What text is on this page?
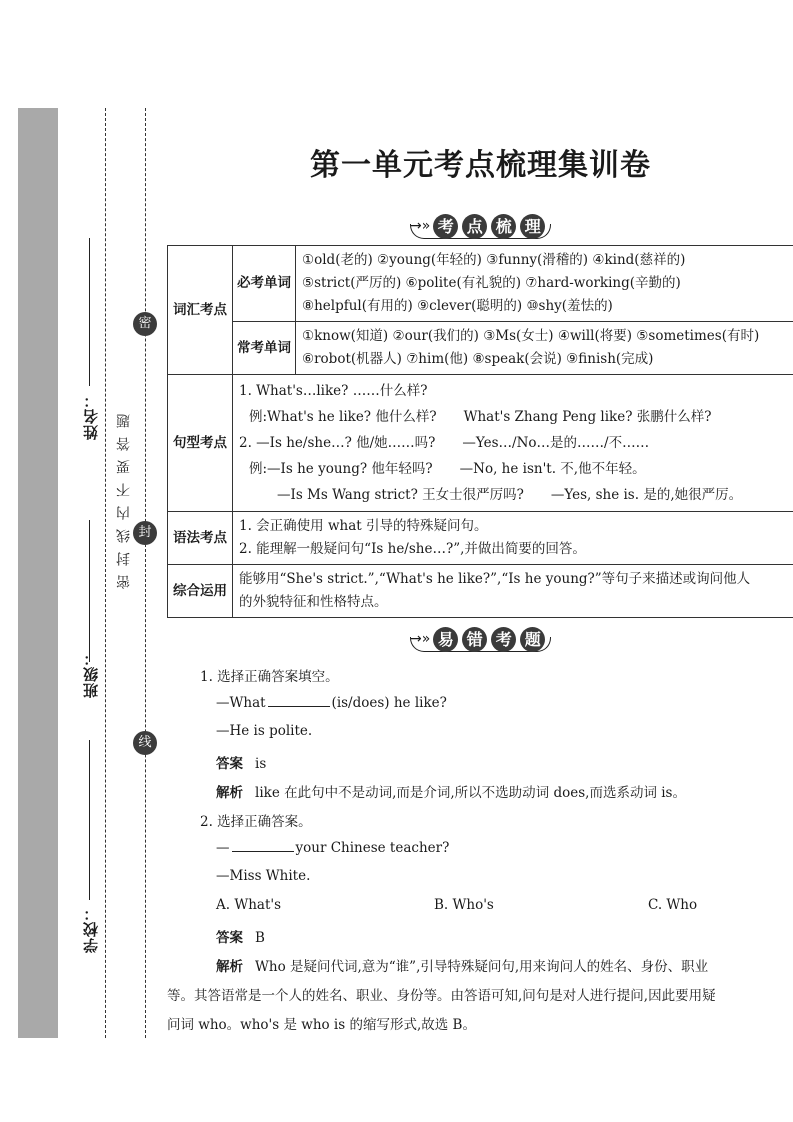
姓名：
班级：
学校：
密
封
线
密封线内不要答题
第一单元考点梳理集训卷
→» 考 点 梳 理
词汇考点	必考单词	①old(老的) ②young(年轻的) ③funny(滑稽的) ④kind(慈祥的)
⑤strict(严厉的) ⑥polite(有礼貌的) ⑦hard-working(辛勤的)
⑧helpful(有用的) ⑨clever(聪明的) ⑩shy(羞怯的)

	常考单词	①know(知道) ②our(我们的) ③Ms(女士) ④will(将要) ⑤sometimes(有时)
⑥robot(机器人) ⑦him(他) ⑧speak(会说) ⑨finish(完成)

句型考点	1. What's…like? ……什么样?
例:What's he like? 他什么样?　　What's Zhang Peng like? 张鹏什么样?
2. —Is he/she…? 他/她……吗?　　—Yes…/No…是的……/不……
例:—Is he young? 他年轻吗?　　—No, he isn't. 不,他不年轻。
—Is Ms Wang strict? 王女士很严厉吗?　　—Yes, she is. 是的,她很严厉。	

语法考点	1. 会正确使用 what 引导的特殊疑问句。
2. 能理解一般疑问句“Is he/she…?”,并做出简要的回答。	

综合运用	能够用“She's strict.”,“What's he like?”,“Is he young?”等句子来描述或询问他人
的外貌特征和性格特点。	
→» 易 错 考 题
1. 选择正确答案填空。
—What	(is/does) he like?
—He is polite.
答案 is
解析 like 在此句中不是动词,而是介词,所以不选助动词 does,而选系动词 is。
2. 选择正确答案。
—	your Chinese teacher?
—Miss White.
A. What's	B. Who's	C. Who
答案 B
解析 Who 是疑问代词,意为“谁”,引导特殊疑问句,用来询问人的姓名、身份、职业
等。其答语常是一个人的姓名、职业、身份等。由答语可知,问句是对人进行提问,因此要用疑
问词 who。who's 是 who is 的缩写形式,故选 B。
